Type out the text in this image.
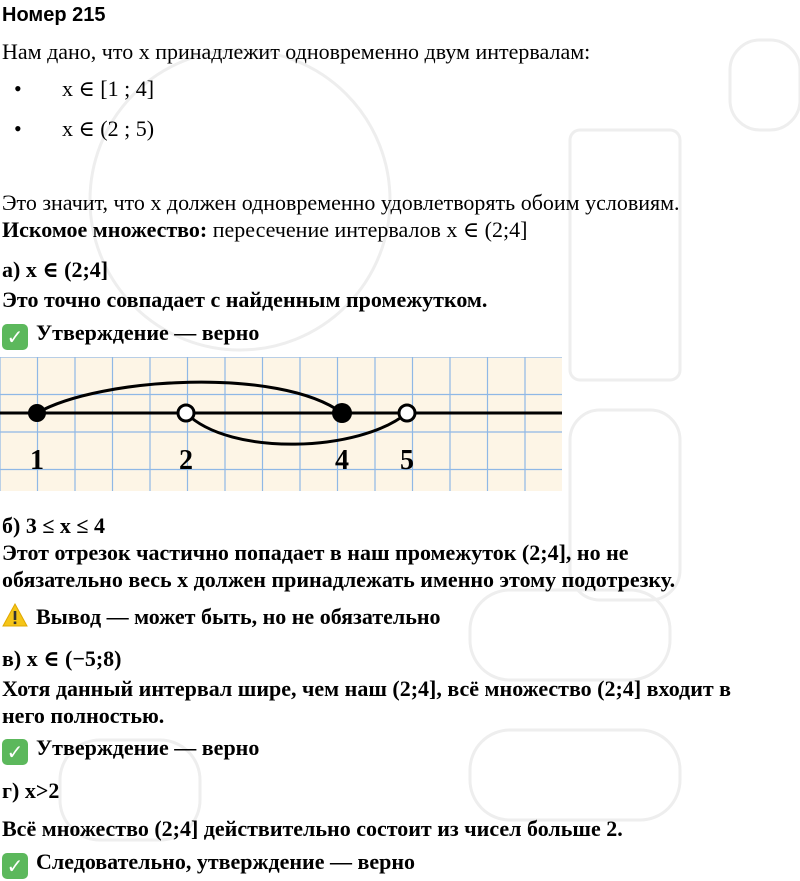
Номер 215
Нам дано, что x принадлежит одновременно двум интервалам:
• x ∈ [1 ; 4]
• x ∈ (2 ; 5)
Это значит, что x должен одновременно удовлетворять обоим условиям.
Искомое множество: пересечение интервалов x ∈ (2;4]
а) x ∈ (2;4]
Это точно совпадает с найденным промежутком.
✓ Утверждение — верно
1	2	4 5
б) 3 ≤ x ≤ 4
Этот отрезок частично попадает в наш промежуток (2;4], но не
обязательно весь x должен принадлежать именно этому подотрезку.
Вывод — может быть, но не обязательно
в) x ∈ (−5;8)
Хотя данный интервал шире, чем наш (2;4], всё множество (2;4] входит в
него полностью.
✓ Утверждение — верно
г) x>2
Всё множество (2;4] действительно состоит из чисел больше 2.
✓ Следовательно, утверждение — верно
